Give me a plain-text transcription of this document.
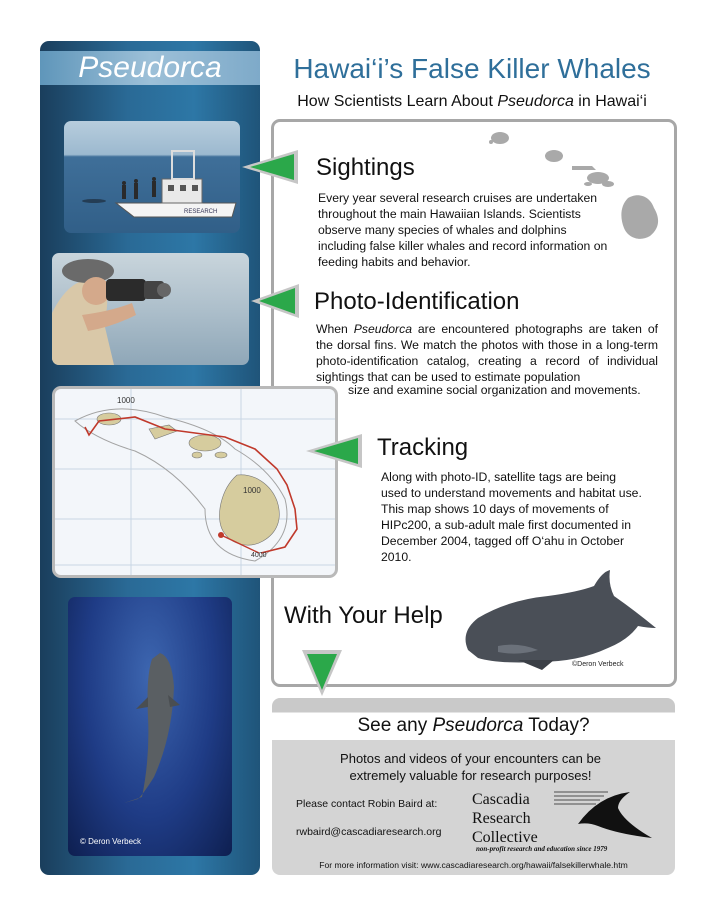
Pseudorca	Hawai‘i’s False Killer Whales
How Scientists Learn About Pseudorca in Hawai‘i
RESEARCH
Sightings
Every year several research cruises are undertaken throughout the main Hawaiian Islands. Scientists observe many species of whales and dolphins including false killer whales and record information on feeding habits and behavior.
Photo-Identification
When Pseudorca are encountered photographs are taken of the dorsal fins. We match the photos with those in a long-term photo-identification catalog, creating a record of individual sightings that can be used to estimate population
size and examine social organization and movements.
1000
1000
4000
Tracking
Along with photo-ID, satellite tags are being used to understand movements and habitat use. This map shows 10 days of movements of HIPc200, a sub-adult male first documented in December 2004, tagged off O‘ahu in October 2010.
© Deron Verbeck
With Your Help
©Deron Verbeck
See any Pseudorca Today?
Photos and videos of your encounters can be
extremely valuable for research purposes!
Please contact Robin Baird at:
rwbaird@cascadiaresearch.org
Cascadia
Research
Collective
non-profit research and education since 1979
For more information visit: www.cascadiaresearch.org/hawaii/falsekillerwhale.htm
